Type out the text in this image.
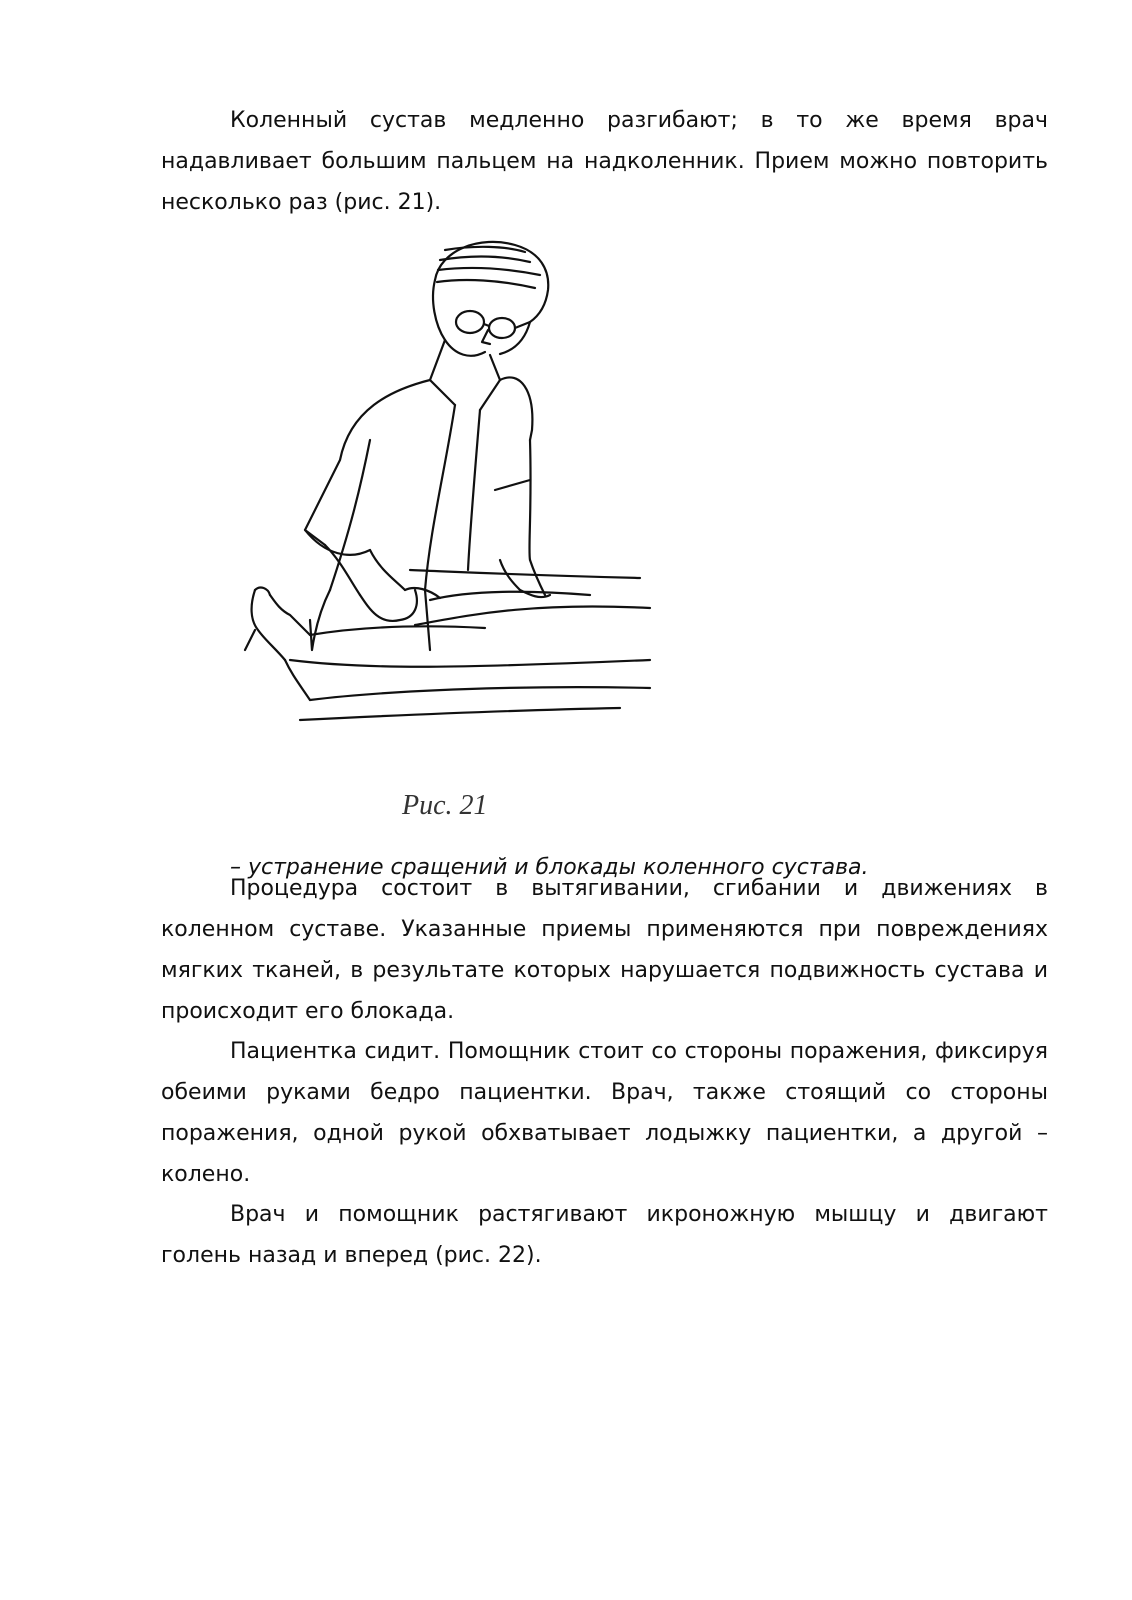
Коленный сустав медленно разгибают; в то же время врач надавливает большим пальцем на надколенник. Прием можно повторить несколько раз (рис. 21).

Рис. 21

– устранение сращений и блокады коленного сустава.

Процедура состоит в вытягивании, сгибании и движениях в коленном суставе. Указанные приемы применяются при повреждениях мягких тканей, в результате которых нарушается подвижность сустава и происходит его блокада.

Пациентка сидит. Помощник стоит со стороны поражения, фиксируя обеими руками бедро пациентки. Врач, также стоящий со стороны поражения, одной рукой обхватывает лодыжку пациентки, а другой – колено.

Врач и помощник растягивают икроножную мышцу и двигают голень назад и вперед (рис. 22).
